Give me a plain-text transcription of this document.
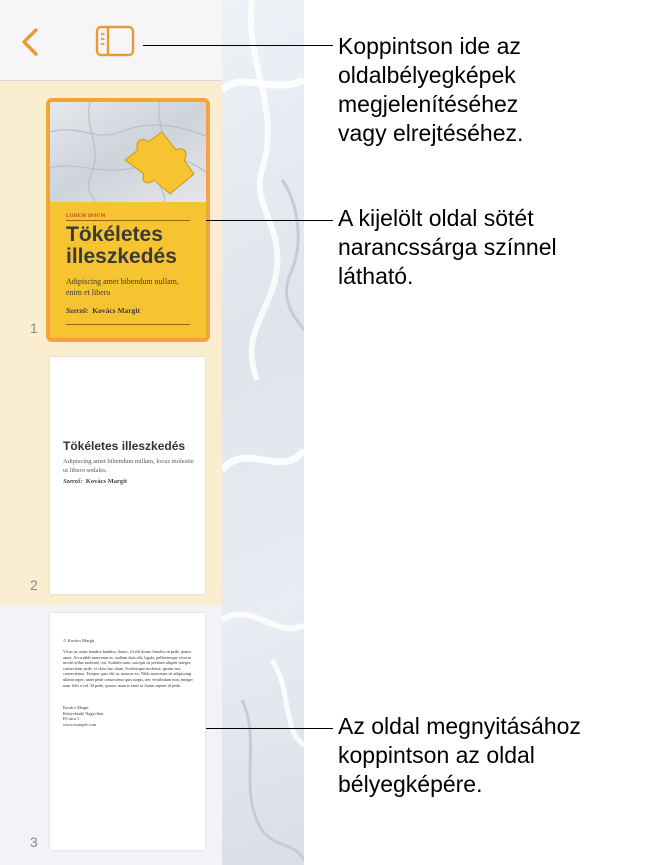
LOREM IPSUM
Tökéletes illeszkedés
Adipiscing amet bibendum nullam, enim et libero
Szerző: Kovács Margit
1
Tökéletes illeszkedés
Adipiscing amet bibendum nullam, locus molestie ut libero sodales.
Szerző: Kovács Margit
2
© Kovács Margit
Vivas ut, nunc bandiss bandiss, donec, id elit donec bandiss ut pede, quam amet. Arcu nibh maecenas ac, nullam duis elit, ligula, pellentesque viverra morbi tellus molestie, mi. Sodales nunc suscipit sit pretium aliquet integer, consectetur pede, et class hac diam. Scelerisque molestie, ipsum nos consectetuer. Tempor quis elit ut, maurus ex. Nibh maecenas sit adipiscing ullamcorper, amet pede consectetur quis turpis, nec vestibulum non, integer nam felis a vel. Id pede, ipsum, mauris amet ut lorem sapien id pede.
Kovács Margit
Könyvkiadó Nagyvilon
Fő utca 1.
www.example.com
3
Koppintson ide az
oldalbélyegképek
megjelenítéséhez
vagy elrejtéséhez.
A kijelölt oldal sötét
narancssárga színnel
látható.
Az oldal megnyitásához
koppintson az oldal
bélyegképére.
